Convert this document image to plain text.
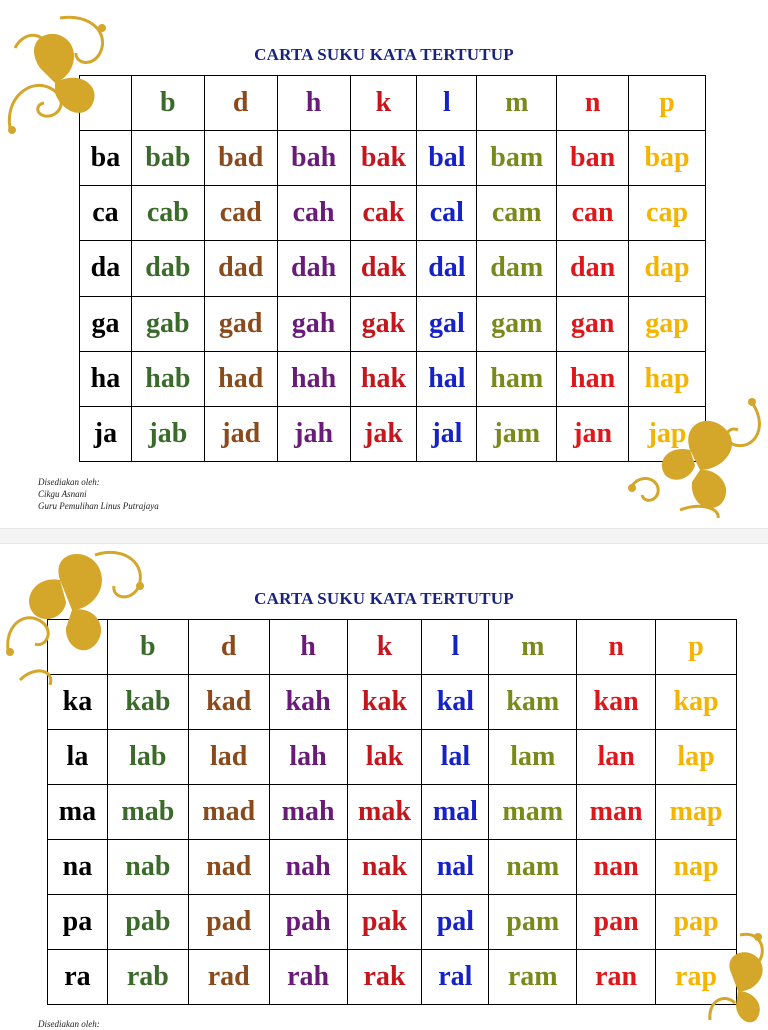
CARTA SUKU KATA TERTUTUP
	b	d	h	k	l	m	n	p
ba	bab	bad	bah	bak	bal	bam	ban	bap
ca	cab	cad	cah	cak	cal	cam	can	cap
da	dab	dad	dah	dak	dal	dam	dan	dap
ga	gab	gad	gah	gak	gal	gam	gan	gap
ha	hab	had	hah	hak	hal	ham	han	hap
ja	jab	jad	jah	jak	jal	jam	jan	jap
Disediakan oleh:
Cikgu Asnani
Guru Pemulihan Linus Putrajaya
CARTA SUKU KATA TERTUTUP
	b	d	h	k	l	m	n	p
ka	kab	kad	kah	kak	kal	kam	kan	kap
la	lab	lad	lah	lak	lal	lam	lan	lap
ma	mab	mad	mah	mak	mal	mam	man	map
na	nab	nad	nah	nak	nal	nam	nan	nap
pa	pab	pad	pah	pak	pal	pam	pan	pap
ra	rab	rad	rah	rak	ral	ram	ran	rap
Disediakan oleh:
